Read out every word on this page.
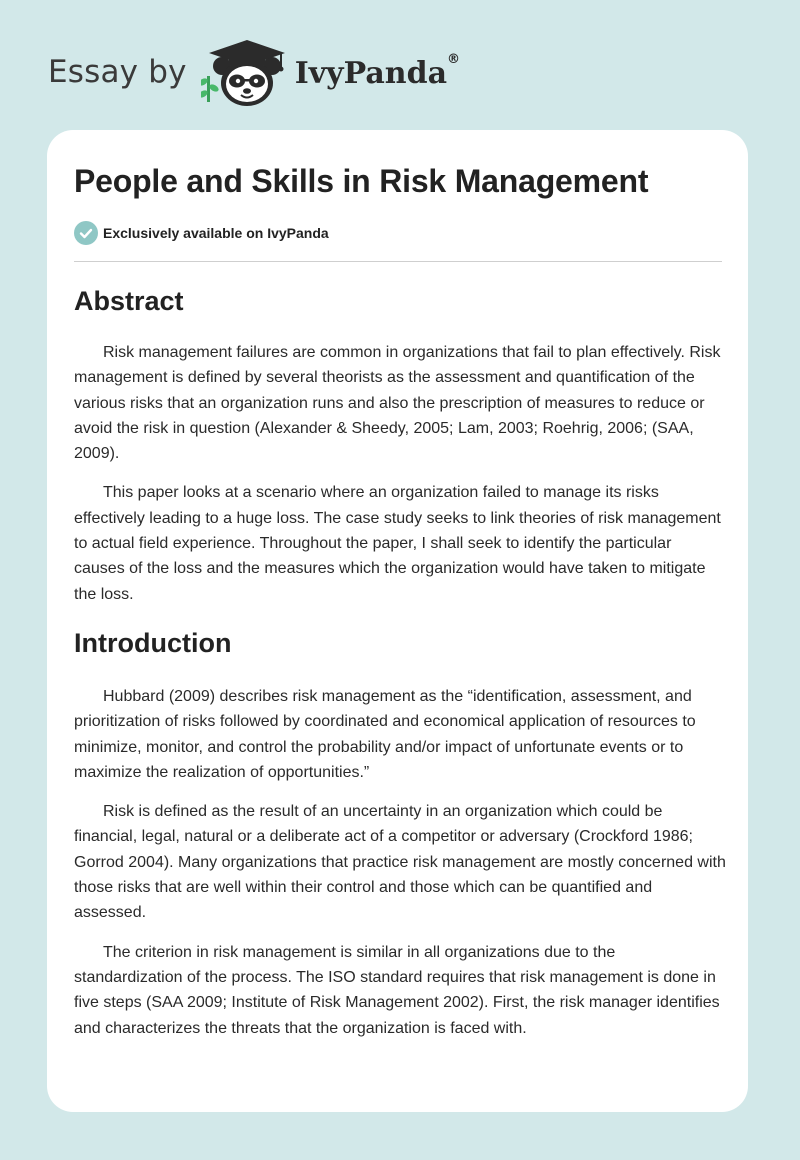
Essay by	IvyPanda®
People and Skills in Risk Management
Exclusively available on IvyPanda
Abstract

Risk management failures are common in organizations that fail to plan effectively. Risk management is defined by several theorists as the assessment and quantification of the various risks that an organization runs and also the prescription of measures to reduce or avoid the risk in question (Alexander & Sheedy, 2005; Lam, 2003; Roehrig, 2006; (SAA, 2009).

This paper looks at a scenario where an organization failed to manage its risks effectively leading to a huge loss. The case study seeks to link theories of risk management to actual field experience. Throughout the paper, I shall seek to identify the particular causes of the loss and the measures which the organization would have taken to mitigate the loss.

Introduction

Hubbard (2009) describes risk management as the “identification, assessment, and prioritization of risks followed by coordinated and economical application of resources to minimize, monitor, and control the probability and/or impact of unfortunate events or to maximize the realization of opportunities.”

Risk is defined as the result of an uncertainty in an organization which could be financial, legal, natural or a deliberate act of a competitor or adversary (Crockford 1986; Gorrod 2004). Many organizations that practice risk management are mostly concerned with those risks that are well within their control and those which can be quantified and assessed.

The criterion in risk management is similar in all organizations due to the standardization of the process. The ISO standard requires that risk management is done in five steps (SAA 2009; Institute of Risk Management 2002). First, the risk manager identifies and characterizes the threats that the organization is faced with.
